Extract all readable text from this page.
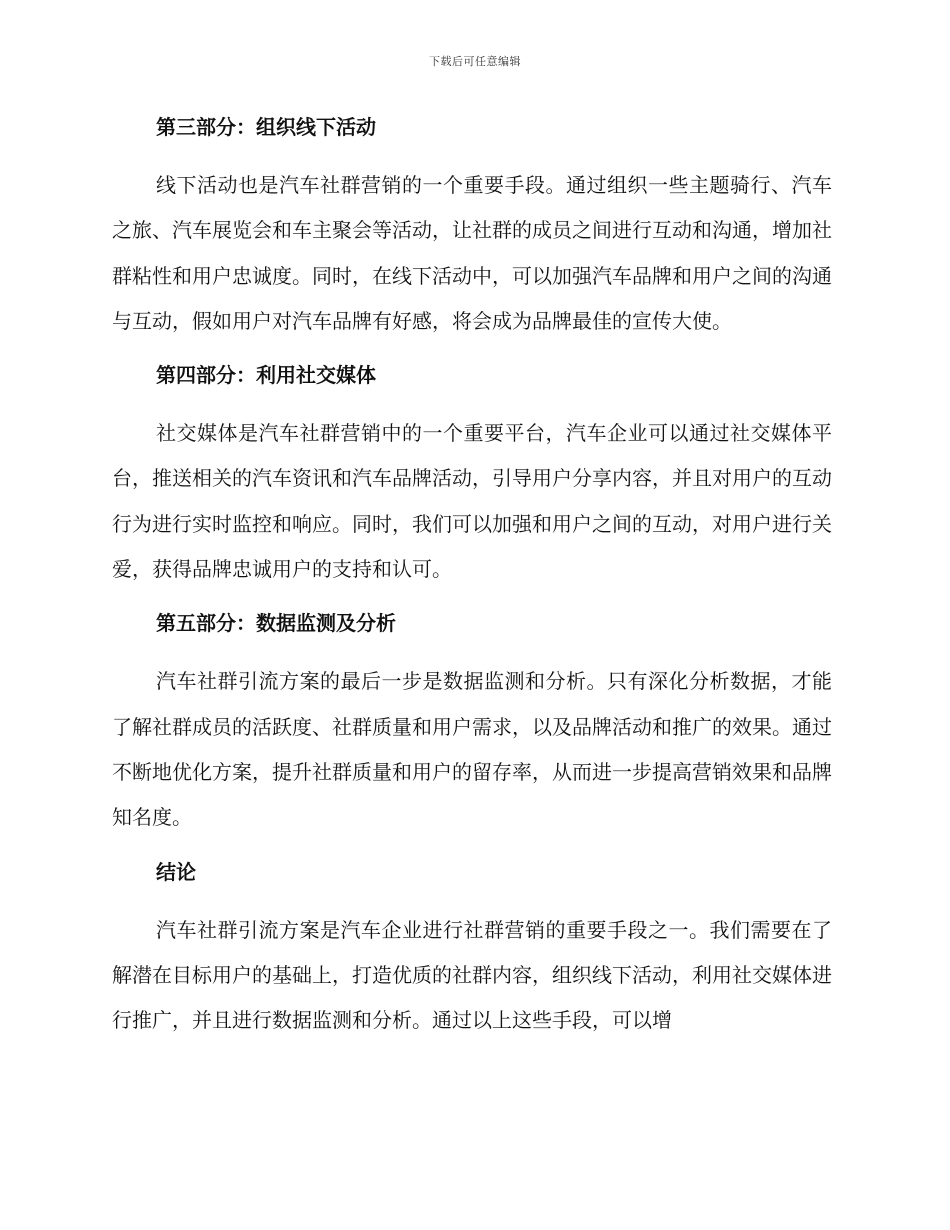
下载后可任意编辑
第三部分：组织线下活动

线下活动也是汽车社群营销的一个重要手段。通过组织一些主题骑行、汽车之旅、汽车展览会和车主聚会等活动，让社群的成员之间进行互动和沟通，增加社群粘性和用户忠诚度。同时，在线下活动中，可以加强汽车品牌和用户之间的沟通与互动，假如用户对汽车品牌有好感，将会成为品牌最佳的宣传大使。

第四部分：利用社交媒体

社交媒体是汽车社群营销中的一个重要平台，汽车企业可以通过社交媒体平台，推送相关的汽车资讯和汽车品牌活动，引导用户分享内容，并且对用户的互动行为进行实时监控和响应。同时，我们可以加强和用户之间的互动，对用户进行关爱，获得品牌忠诚用户的支持和认可。

第五部分：数据监测及分析

汽车社群引流方案的最后一步是数据监测和分析。只有深化分析数据，才能了解社群成员的活跃度、社群质量和用户需求，以及品牌活动和推广的效果。通过不断地优化方案，提升社群质量和用户的留存率，从而进一步提高营销效果和品牌知名度。

结论

汽车社群引流方案是汽车企业进行社群营销的重要手段之一。我们需要在了解潜在目标用户的基础上，打造优质的社群内容，组织线下活动，利用社交媒体进行推广，并且进行数据监测和分析。通过以上这些手段，可以增
